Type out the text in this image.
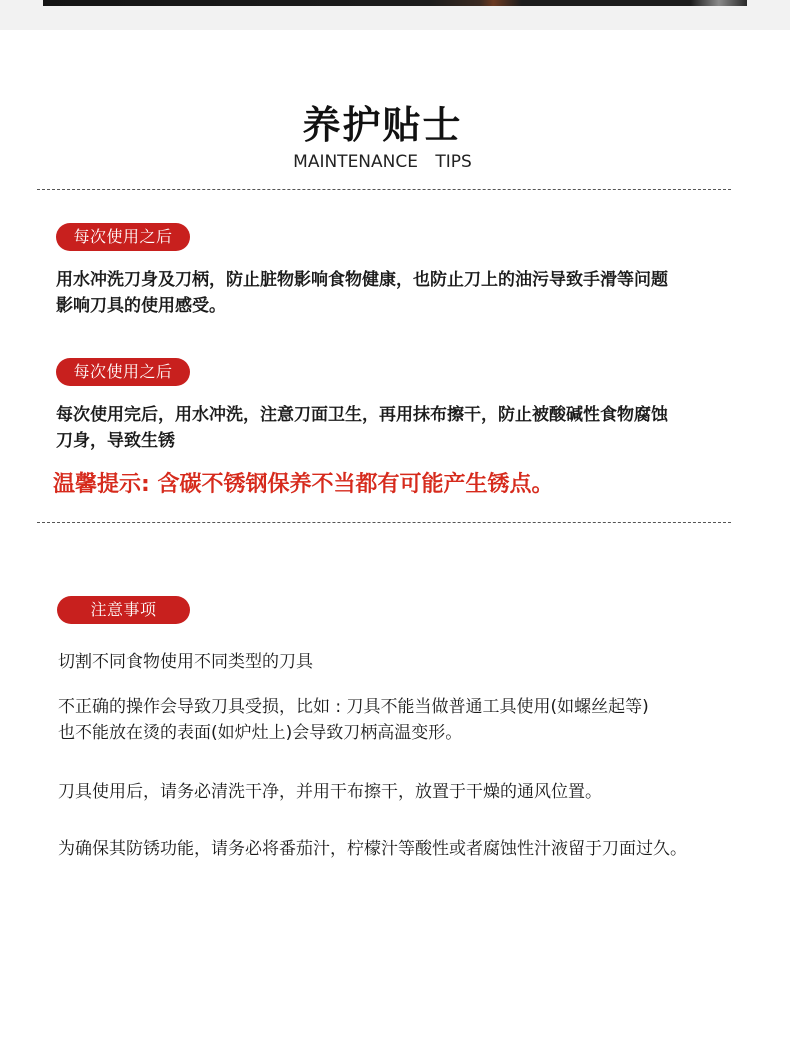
养护贴士
MAINTENANCE TIPS
每次使用之后
用水冲洗刀身及刀柄，防止脏物影响食物健康，也防止刀上的油污导致手滑等问题
影响刀具的使用感受。
每次使用之后
每次使用完后，用水冲洗，注意刀面卫生，再用抹布擦干，防止被酸碱性食物腐蚀
刀身，导致生锈
温馨提示: 含碳不锈钢保养不当都有可能产生锈点。
注意事项
切割不同食物使用不同类型的刀具
不正确的操作会导致刀具受损，比如 : 刀具不能当做普通工具使用(如螺丝起等)
也不能放在烫的表面(如炉灶上)会导致刀柄高温变形。
刀具使用后，请务必清洗干净，并用干布擦干，放置于干燥的通风位置。
为确保其防锈功能，请务必将番茄汁，柠檬汁等酸性或者腐蚀性汁液留于刀面过久。
